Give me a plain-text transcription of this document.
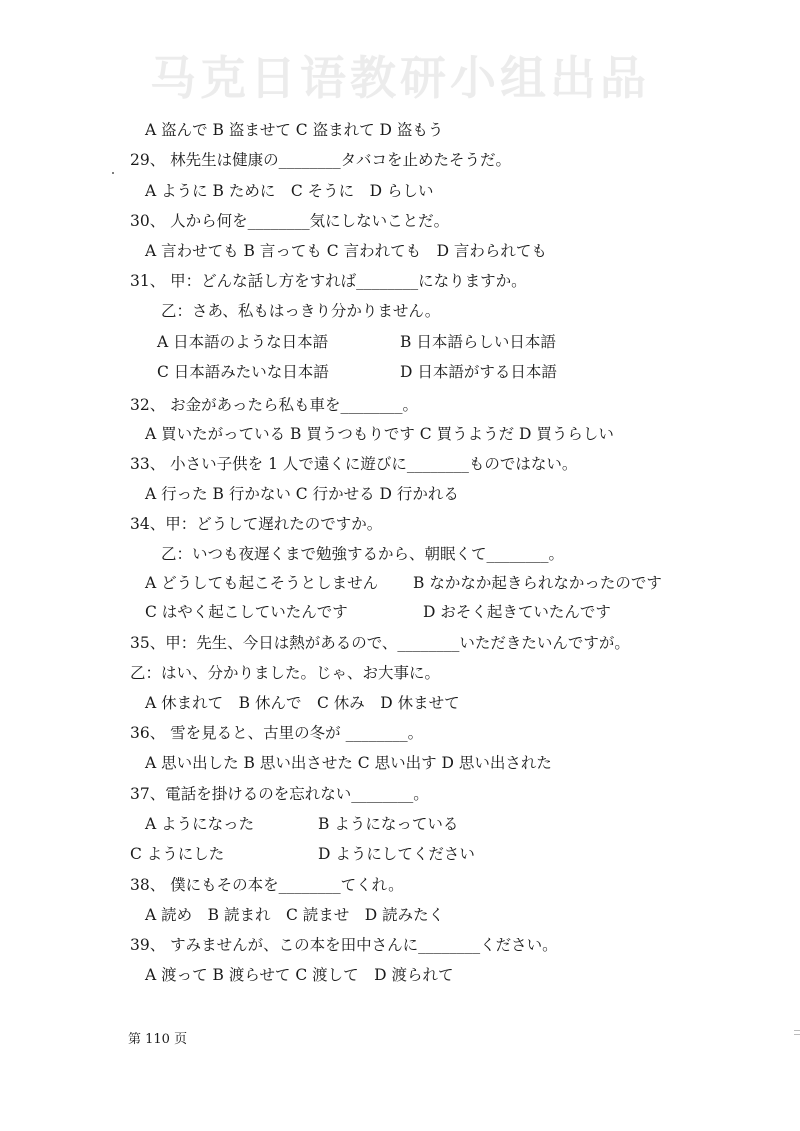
马克日语教研小组出品
A 盗んで B 盗ませて C 盗まれて D 盗もう
29、 林先生は健康の________タバコを止めたそうだ。
A ように B ために　C そうに　D らしい
30、 人から何を________気にしないことだ。
A 言わせても B 言っても C 言われても　D 言わられても
31、 甲：どんな話し方をすれば________になりますか。
乙：さあ、私もはっきり分かりません。
A 日本語のような日本語	B 日本語らしい日本語
C 日本語みたいな日本語	D 日本語がする日本語
32、 お金があったら私も車を________。
A 買いたがっている B 買うつもりです C 買うようだ D 買うらしい
33、 小さい子供を 1 人で遠くに遊びに________ものではない。
A 行った B 行かない C 行かせる D 行かれる
34、甲：どうして遅れたのですか。
乙：いつも夜遅くまで勉強するから、朝眠くて________。
A どうしても起こそうとしません B なかなか起きられなかったのです
C はやく起こしていたんです	D おそく起きていたんです
35、甲：先生、今日は熱があるので、________いただきたいんですが。
乙：はい、分かりました。じゃ、お大事に。
A 休まれて　B 休んで　C 休み　D 休ませて
36、 雪を見ると、古里の冬が ________。
A 思い出した B 思い出させた C 思い出す D 思い出された
37、電話を掛けるのを忘れない________。
A ようになった	B ようになっている
C ようにした	D ようにしてください
38、 僕にもその本を________てくれ。
A 読め　B 読まれ　C 読ませ　D 読みたく
39、 すみませんが、この本を田中さんに________ください。
A 渡って B 渡らせて C 渡して　D 渡られて
第 110 页
